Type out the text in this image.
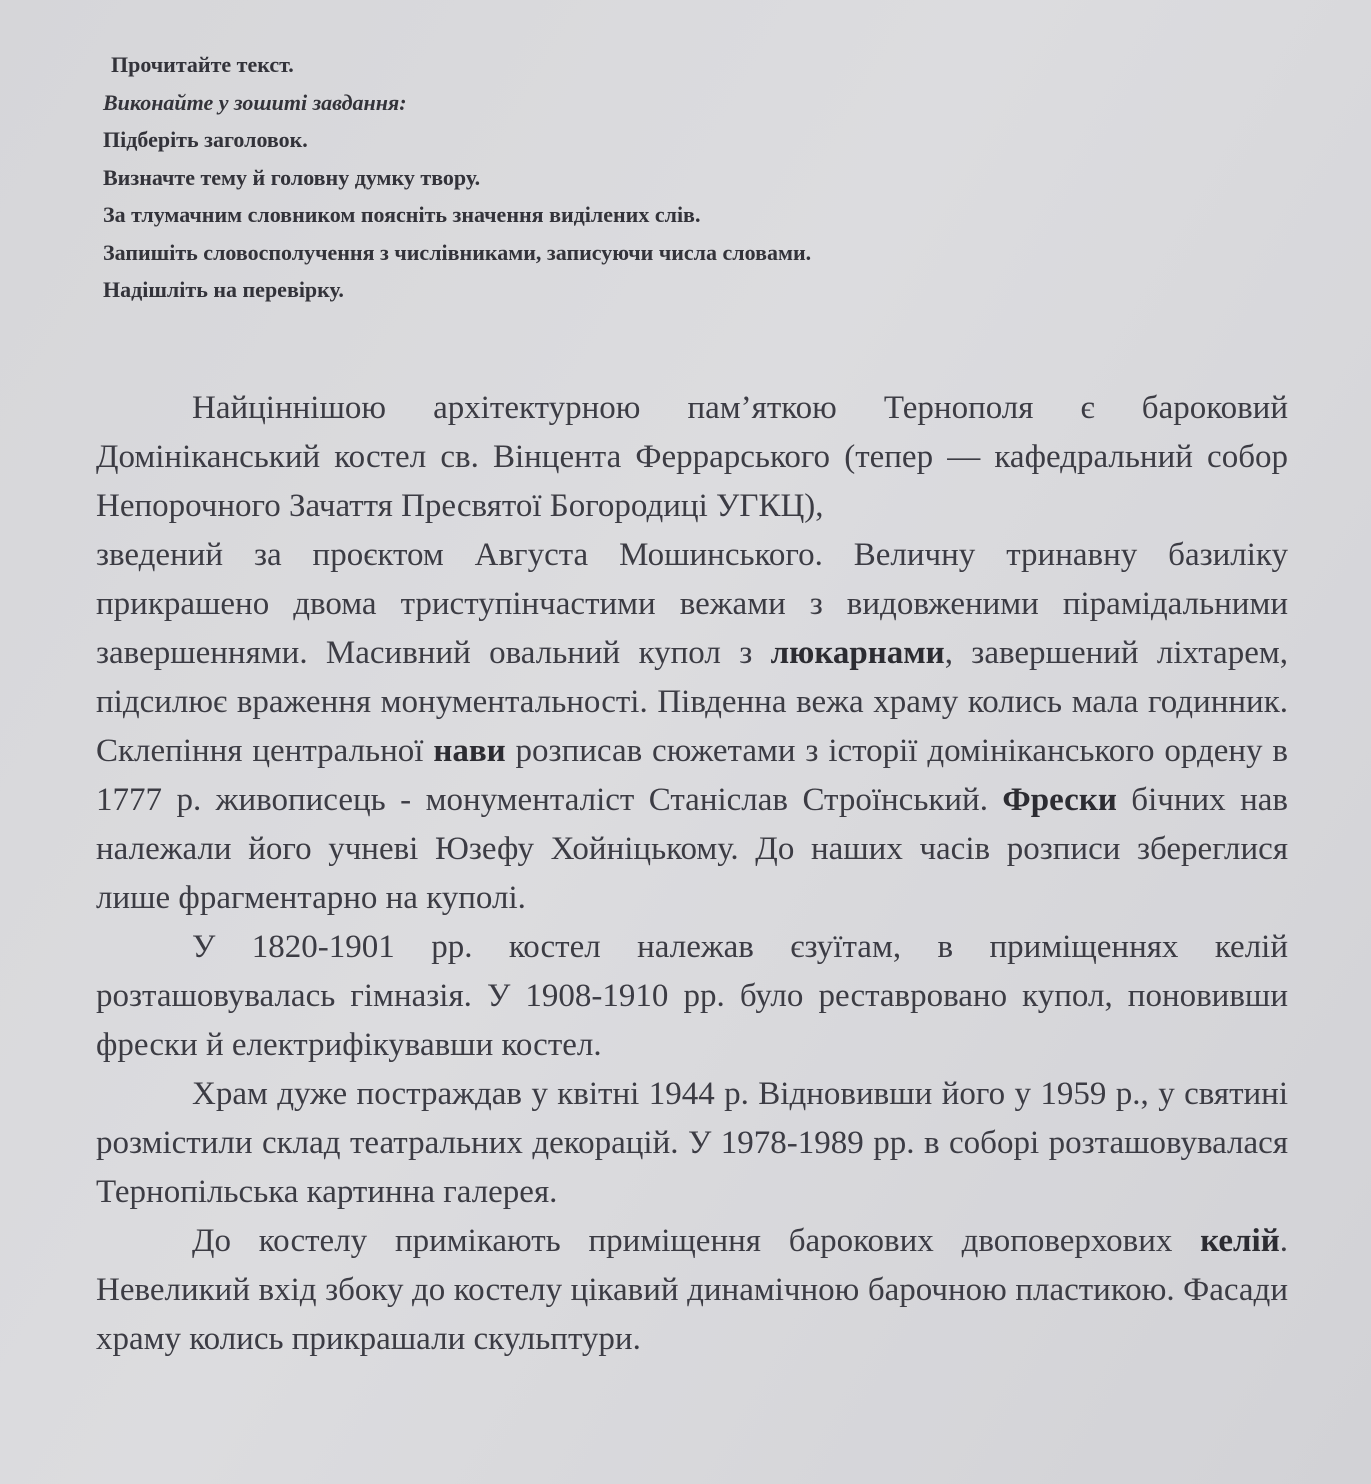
Прочитайте текст.
Виконайте у зошиті завдання:
Підберіть заголовок.
Визначте тему й головну думку твору.
За тлумачним словником поясніть значення виділених слів.
Запишіть словосполучення з числівниками, записуючи числа словами.
Надішліть на перевірку.

Найціннішою архітектурною пам’яткою Тернополя є бароковий Домініканський костел св. Вінцента Феррарського (тепер — кафедральний собор Непорочного Зачаття Пресвятої Богородиці УГКЦ),
зведений за проєктом Августа Мошинського. Величну тринавну базиліку прикрашено двома триступінчастими вежами з видовженими пірамідальними завершеннями. Масивний овальний купол з люкарнами, завершений ліхтарем, підсилює враження монументальності. Південна вежа храму колись мала годинник. Склепіння центральної нави розписав сюжетами з історії домініканського ордену в 1777 р. живописець - монументаліст Станіслав Строїнський. Фрески бічних нав належали його учневі Юзефу Хойніцькому. До наших часів розписи збереглися лише фрагментарно на куполі.

У 1820-1901 рр. костел належав єзуїтам, в приміщеннях келій розташовувалась гімназія. У 1908-1910 рр. було реставровано купол, поновивши фрески й електрифікувавши костел.

Храм дуже постраждав у квітні 1944 р. Відновивши його у 1959 р., у святині розмістили склад театральних декорацій. У 1978-1989 рр. в соборі розташовувалася Тернопільська картинна галерея.

До костелу примікають приміщення барокових двоповерхових келій. Невеликий вхід збоку до костелу цікавий динамічною барочною пластикою. Фасади храму колись прикрашали скульптури.
